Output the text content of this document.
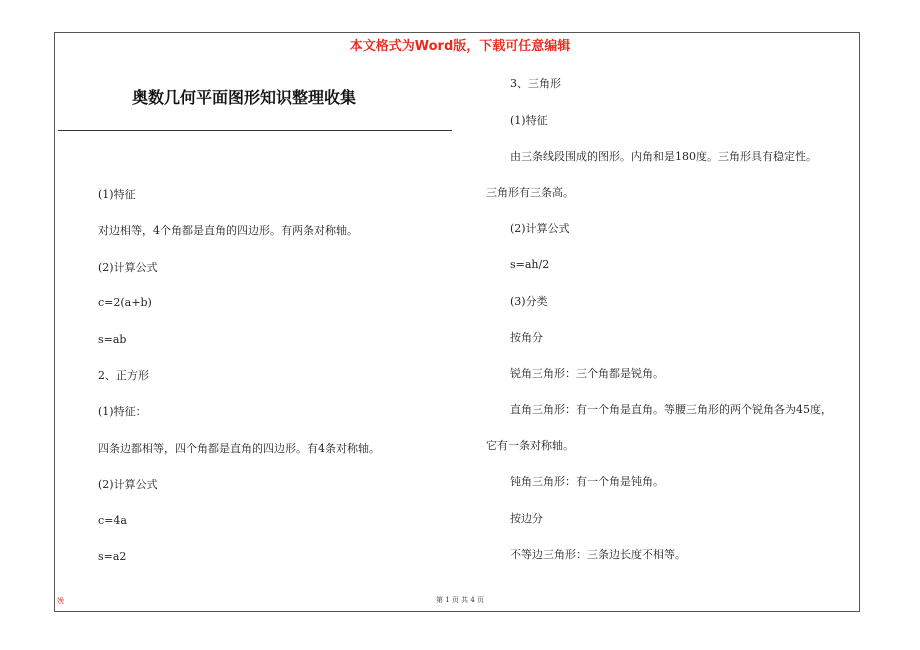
本文格式为Word版，下载可任意编辑
奥数几何平面图形知识整理收集
(1)特征
对边相等，4个角都是直角的四边形。有两条对称轴。
(2)计算公式
c=2(a+b)
s=ab
2、正方形
(1)特征：
四条边都相等，四个角都是直角的四边形。有4条对称轴。
(2)计算公式
c=4a
s=a2
3、三角形
(1)特征
由三条线段围成的图形。内角和是180度。三角形具有稳定性。
三角形有三条高。
(2)计算公式
s=ah/2
(3)分类
按角分
锐角三角形：三个角都是锐角。
直角三角形：有一个角是直角。等腰三角形的两个锐角各为45度，
它有一条对称轴。
钝角三角形：有一个角是钝角。
按边分
不等边三角形：三条边长度不相等。
娩	第 1 页 共 4 页
